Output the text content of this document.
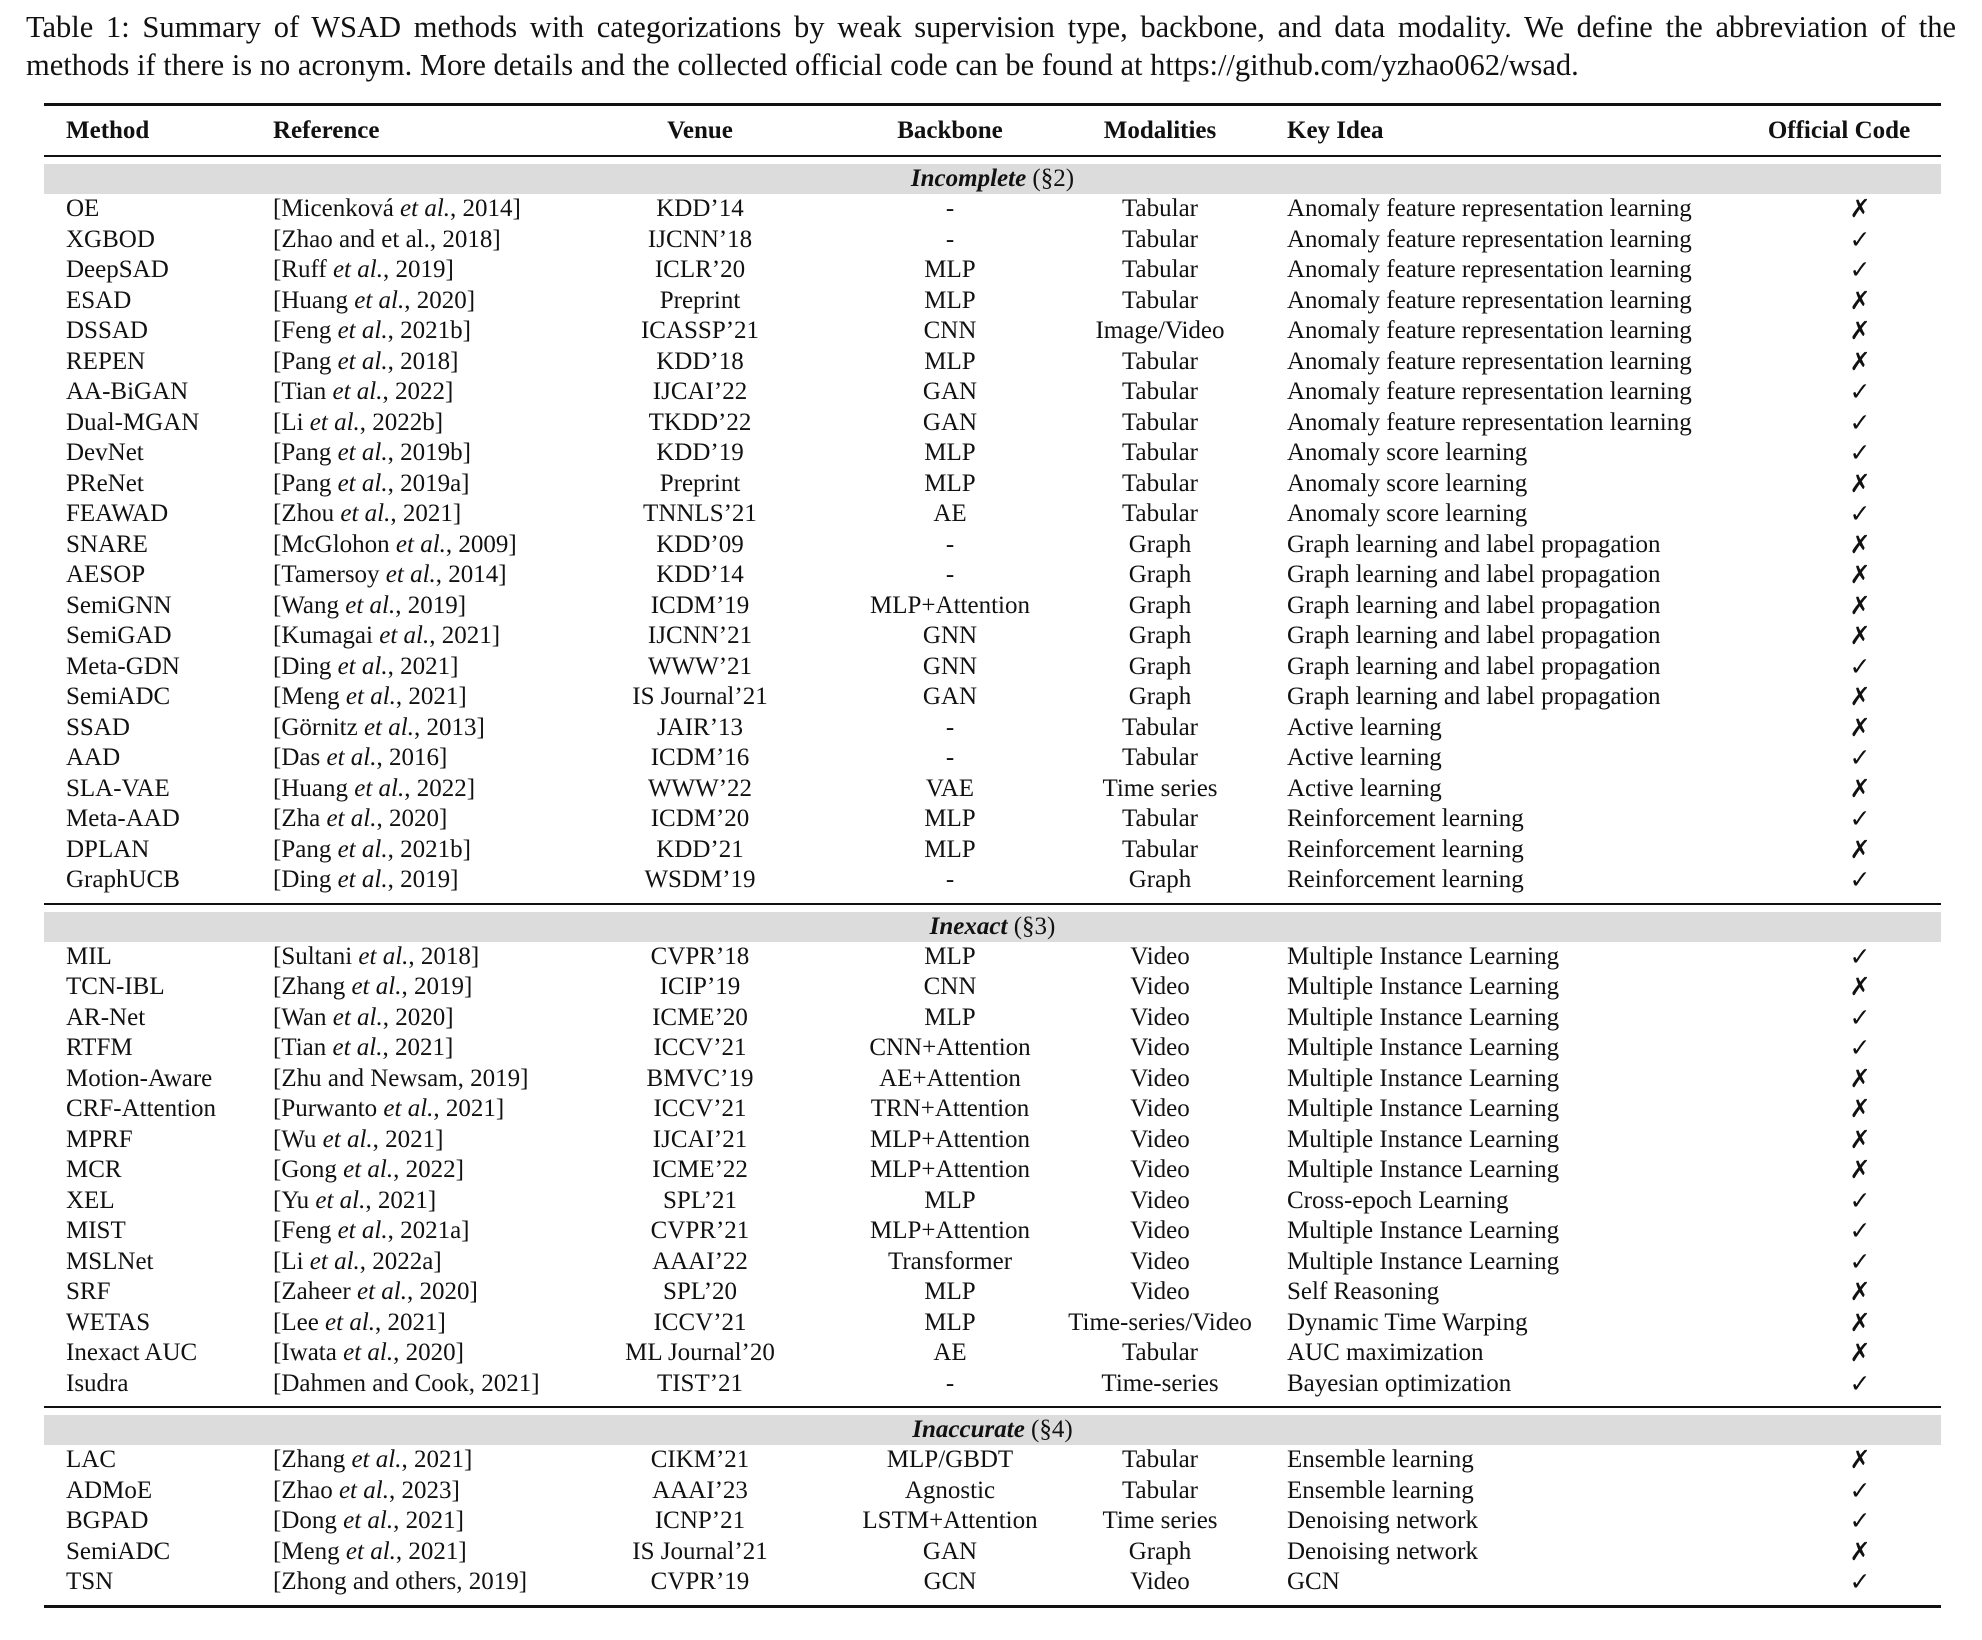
Table 1: Summary of WSAD methods with categorizations by weak supervision type, backbone, and data modality. We define the abbreviation of the methods if there is no acronym. More details and the collected official code can be found at https://github.com/yzhao062/wsad.

Method	Reference	Venue	Backbone	Modalities	Key Idea	Official Code
Incomplete (§2)
OE	[Micenková et al., 2014]	KDD’14	-	Tabular	Anomaly feature representation learning	✗
XGBOD	[Zhao and et al., 2018]	IJCNN’18	-	Tabular	Anomaly feature representation learning	✓
DeepSAD	[Ruff et al., 2019]	ICLR’20	MLP	Tabular	Anomaly feature representation learning	✓
ESAD	[Huang et al., 2020]	Preprint	MLP	Tabular	Anomaly feature representation learning	✗
DSSAD	[Feng et al., 2021b]	ICASSP’21	CNN	Image/Video	Anomaly feature representation learning	✗
REPEN	[Pang et al., 2018]	KDD’18	MLP	Tabular	Anomaly feature representation learning	✗
AA-BiGAN	[Tian et al., 2022]	IJCAI’22	GAN	Tabular	Anomaly feature representation learning	✓
Dual-MGAN	[Li et al., 2022b]	TKDD’22	GAN	Tabular	Anomaly feature representation learning	✓
DevNet	[Pang et al., 2019b]	KDD’19	MLP	Tabular	Anomaly score learning	✓
PReNet	[Pang et al., 2019a]	Preprint	MLP	Tabular	Anomaly score learning	✗
FEAWAD	[Zhou et al., 2021]	TNNLS’21	AE	Tabular	Anomaly score learning	✓
SNARE	[McGlohon et al., 2009]	KDD’09	-	Graph	Graph learning and label propagation	✗
AESOP	[Tamersoy et al., 2014]	KDD’14	-	Graph	Graph learning and label propagation	✗
SemiGNN	[Wang et al., 2019]	ICDM’19	MLP+Attention	Graph	Graph learning and label propagation	✗
SemiGAD	[Kumagai et al., 2021]	IJCNN’21	GNN	Graph	Graph learning and label propagation	✗
Meta-GDN	[Ding et al., 2021]	WWW’21	GNN	Graph	Graph learning and label propagation	✓
SemiADC	[Meng et al., 2021]	IS Journal’21	GAN	Graph	Graph learning and label propagation	✗
SSAD	[Görnitz et al., 2013]	JAIR’13	-	Tabular	Active learning	✗
AAD	[Das et al., 2016]	ICDM’16	-	Tabular	Active learning	✓
SLA-VAE	[Huang et al., 2022]	WWW’22	VAE	Time series	Active learning	✗
Meta-AAD	[Zha et al., 2020]	ICDM’20	MLP	Tabular	Reinforcement learning	✓
DPLAN	[Pang et al., 2021b]	KDD’21	MLP	Tabular	Reinforcement learning	✗
GraphUCB	[Ding et al., 2019]	WSDM’19	-	Graph	Reinforcement learning	✓
Inexact (§3)
MIL	[Sultani et al., 2018]	CVPR’18	MLP	Video	Multiple Instance Learning	✓
TCN-IBL	[Zhang et al., 2019]	ICIP’19	CNN	Video	Multiple Instance Learning	✗
AR-Net	[Wan et al., 2020]	ICME’20	MLP	Video	Multiple Instance Learning	✓
RTFM	[Tian et al., 2021]	ICCV’21	CNN+Attention	Video	Multiple Instance Learning	✓
Motion-Aware [Zhu and Newsam, 2019]	BMVC’19	AE+Attention	Video	Multiple Instance Learning	✗
CRF-Attention [Purwanto et al., 2021]	ICCV’21	TRN+Attention	Video	Multiple Instance Learning	✗
MPRF	[Wu et al., 2021]	IJCAI’21	MLP+Attention	Video	Multiple Instance Learning	✗
MCR	[Gong et al., 2022]	ICME’22	MLP+Attention	Video	Multiple Instance Learning	✗
XEL	[Yu et al., 2021]	SPL’21	MLP	Video	Cross-epoch Learning	✓
MIST	[Feng et al., 2021a]	CVPR’21	MLP+Attention	Video	Multiple Instance Learning	✓
MSLNet	[Li et al., 2022a]	AAAI’22	Transformer	Video	Multiple Instance Learning	✓
SRF	[Zaheer et al., 2020]	SPL’20	MLP	Video	Self Reasoning	✗
WETAS	[Lee et al., 2021]	ICCV’21	MLP	Time-series/Video	Dynamic Time Warping	✗
Inexact AUC	[Iwata et al., 2020]	ML Journal’20	AE	Tabular	AUC maximization	✗
Isudra	[Dahmen and Cook, 2021]	TIST’21	-	Time-series	Bayesian optimization	✓
Inaccurate (§4)
LAC	[Zhang et al., 2021]	CIKM’21	MLP/GBDT	Tabular	Ensemble learning	✗
ADMoE	[Zhao et al., 2023]	AAAI’23	Agnostic	Tabular	Ensemble learning	✓
BGPAD	[Dong et al., 2021]	ICNP’21	LSTM+Attention	Time series	Denoising network	✓
SemiADC	[Meng et al., 2021]	IS Journal’21	GAN	Graph	Denoising network	✗
TSN	[Zhong and others, 2019]	CVPR’19	GCN	Video	GCN	✓
